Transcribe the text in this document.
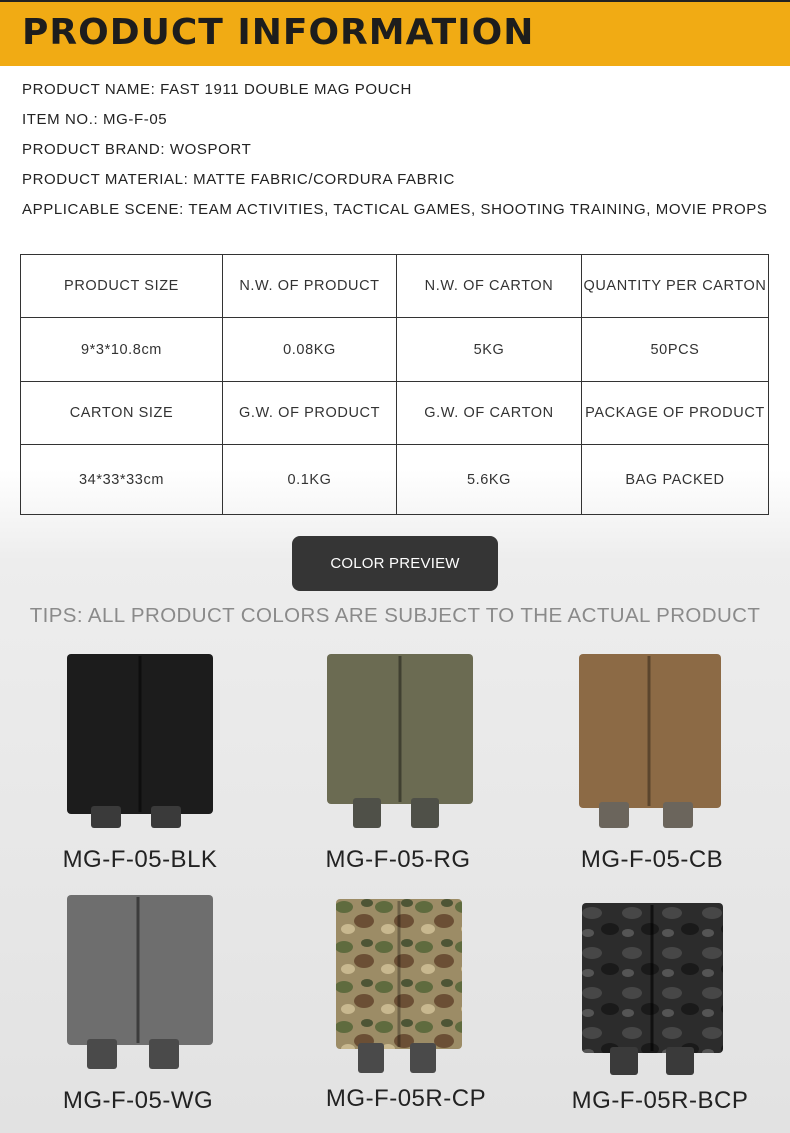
PRODUCT INFORMATION
PRODUCT NAME: FAST 1911 DOUBLE MAG POUCH
ITEM NO.: MG-F-05
PRODUCT BRAND: WOSPORT
PRODUCT MATERIAL: MATTE FABRIC/CORDURA FABRIC
APPLICABLE SCENE: TEAM ACTIVITIES, TACTICAL GAMES, SHOOTING TRAINING, MOVIE PROPS
PRODUCT SIZE	N.W. OF PRODUCT	N.W. OF CARTON	QUANTITY PER CARTON
9*3*10.8cm	0.08KG	5KG	50PCS
CARTON SIZE	G.W. OF PRODUCT	G.W. OF CARTON	PACKAGE OF PRODUCT
34*33*33cm	0.1KG	5.6KG	BAG PACKED
COLOR PREVIEW
TIPS: ALL PRODUCT COLORS ARE SUBJECT TO THE ACTUAL PRODUCT
MG-F-05-BLK	MG-F-05-RG	MG-F-05-CB
MG-F-05-WG	MG-F-05R-CP	MG-F-05R-BCP
